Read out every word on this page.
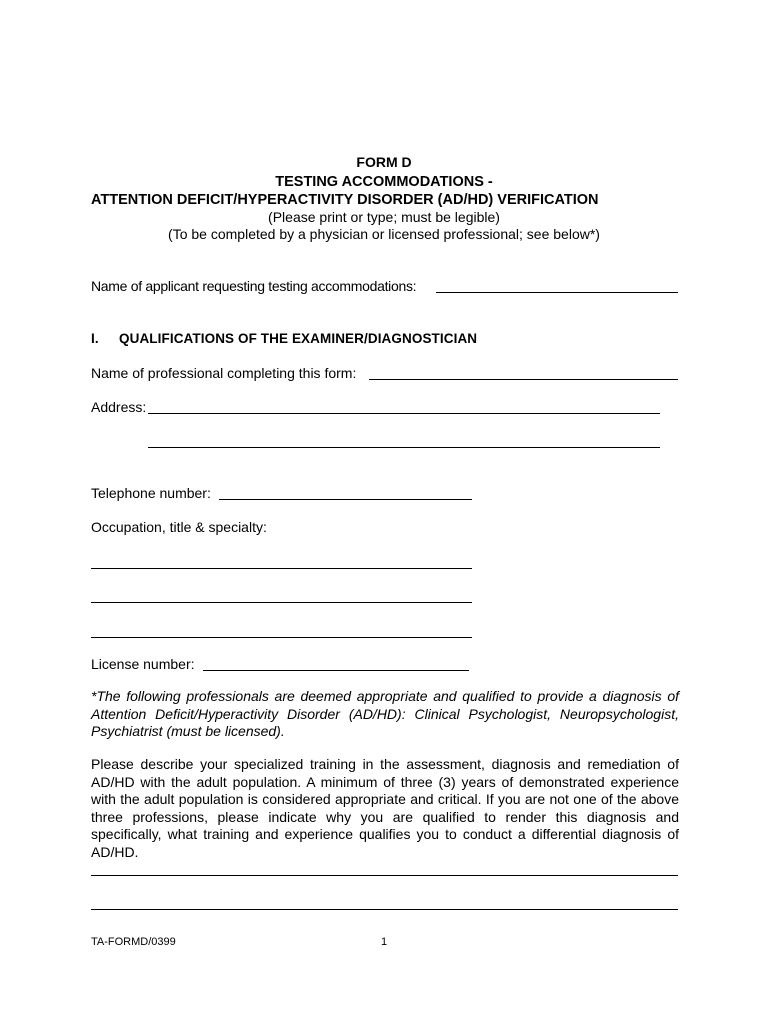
FORM D
TESTING ACCOMMODATIONS -
ATTENTION DEFICIT/HYPERACTIVITY DISORDER (AD/HD) VERIFICATION
(Please print or type; must be legible)
(To be completed by a physician or licensed professional; see below*)
Name of applicant requesting testing accommodations:
I. QUALIFICATIONS OF THE EXAMINER/DIAGNOSTICIAN
Name of professional completing this form:
Address:
Telephone number:
Occupation, title & specialty:
License number:

*The following professionals are deemed appropriate and qualified to provide a diagnosis of Attention Deficit/Hyperactivity Disorder (AD/HD): Clinical Psychologist, Neuropsychologist, Psychiatrist (must be licensed).

Please describe your specialized training in the assessment, diagnosis and remediation of AD/HD with the adult population. A minimum of three (3) years of demonstrated experience with the adult population is considered appropriate and critical. If you are not one of the above three professions, please indicate why you are qualified to render this diagnosis and specifically, what training and experience qualifies you to conduct a differential diagnosis of AD/HD.

TA-FORMD/0399	1
